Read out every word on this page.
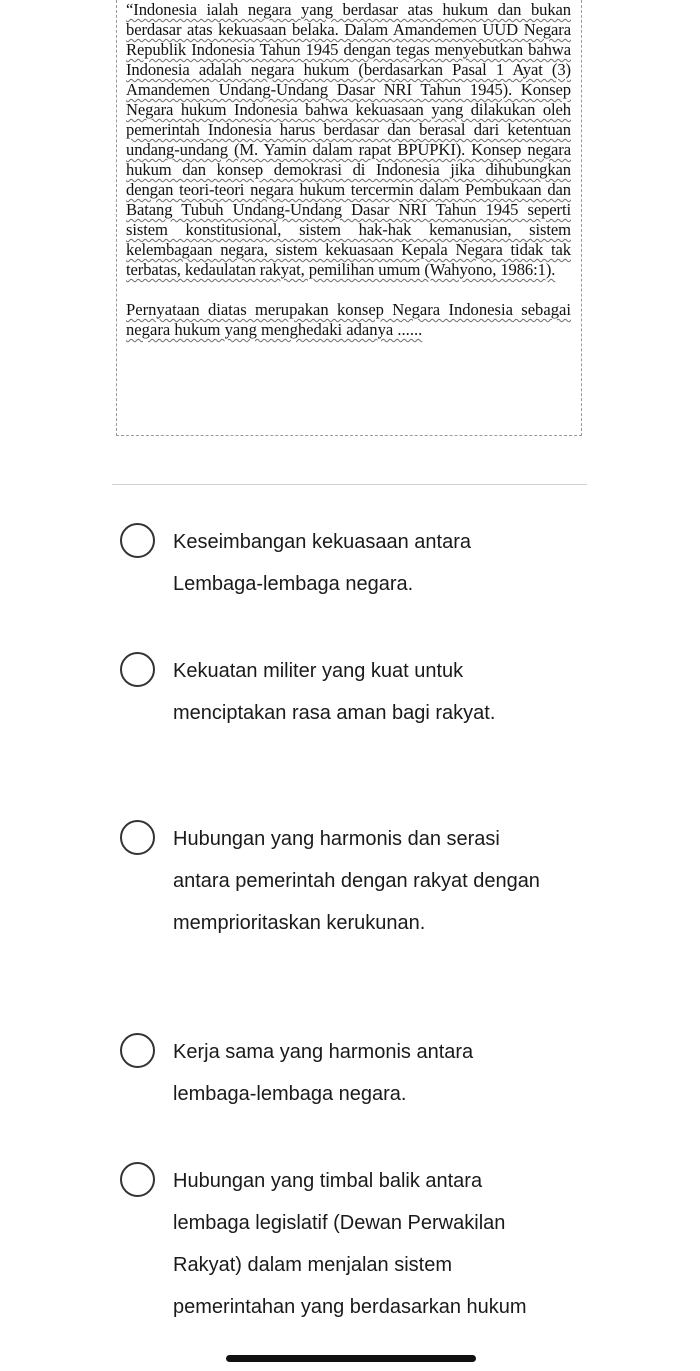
“Indonesia ialah negara yang berdasar atas hukum dan bukan berdasar atas kekuasaan belaka. Dalam Amandemen UUD Negara Republik Indonesia Tahun 1945 dengan tegas menyebutkan bahwa Indonesia adalah negara hukum (berdasarkan Pasal 1 Ayat (3) Amandemen Undang-Undang Dasar NRI Tahun 1945). Konsep Negara hukum Indonesia bahwa kekuasaan yang dilakukan oleh pemerintah Indonesia harus berdasar dan berasal dari ketentuan undang-undang (M. Yamin dalam rapat BPUPKI). Konsep negara hukum dan konsep demokrasi di Indonesia jika dihubungkan dengan teori-teori negara hukum tercermin dalam Pembukaan dan Batang Tubuh Undang-Undang Dasar NRI Tahun 1945 seperti sistem konstitusional, sistem hak-hak kemanusian, sistem kelembagaan negara, sistem kekuasaan Kepala Negara tidak tak terbatas, kedaulatan rakyat, pemilihan umum (Wahyono, 1986:1).

Pernyataan diatas merupakan konsep Negara Indonesia sebagai negara hukum yang menghedaki adanya ......

Keseimbangan kekuasaan antara Lembaga-lembaga negara.
Kekuatan militer yang kuat untuk menciptakan rasa aman bagi rakyat.
Hubungan yang harmonis dan serasi antara pemerintah dengan rakyat dengan memprioritaskan kerukunan.
Kerja sama yang harmonis antara lembaga-lembaga negara.
Hubungan yang timbal balik antara lembaga legislatif (Dewan Perwakilan Rakyat) dalam menjalan sistem pemerintahan yang berdasarkan hukum
